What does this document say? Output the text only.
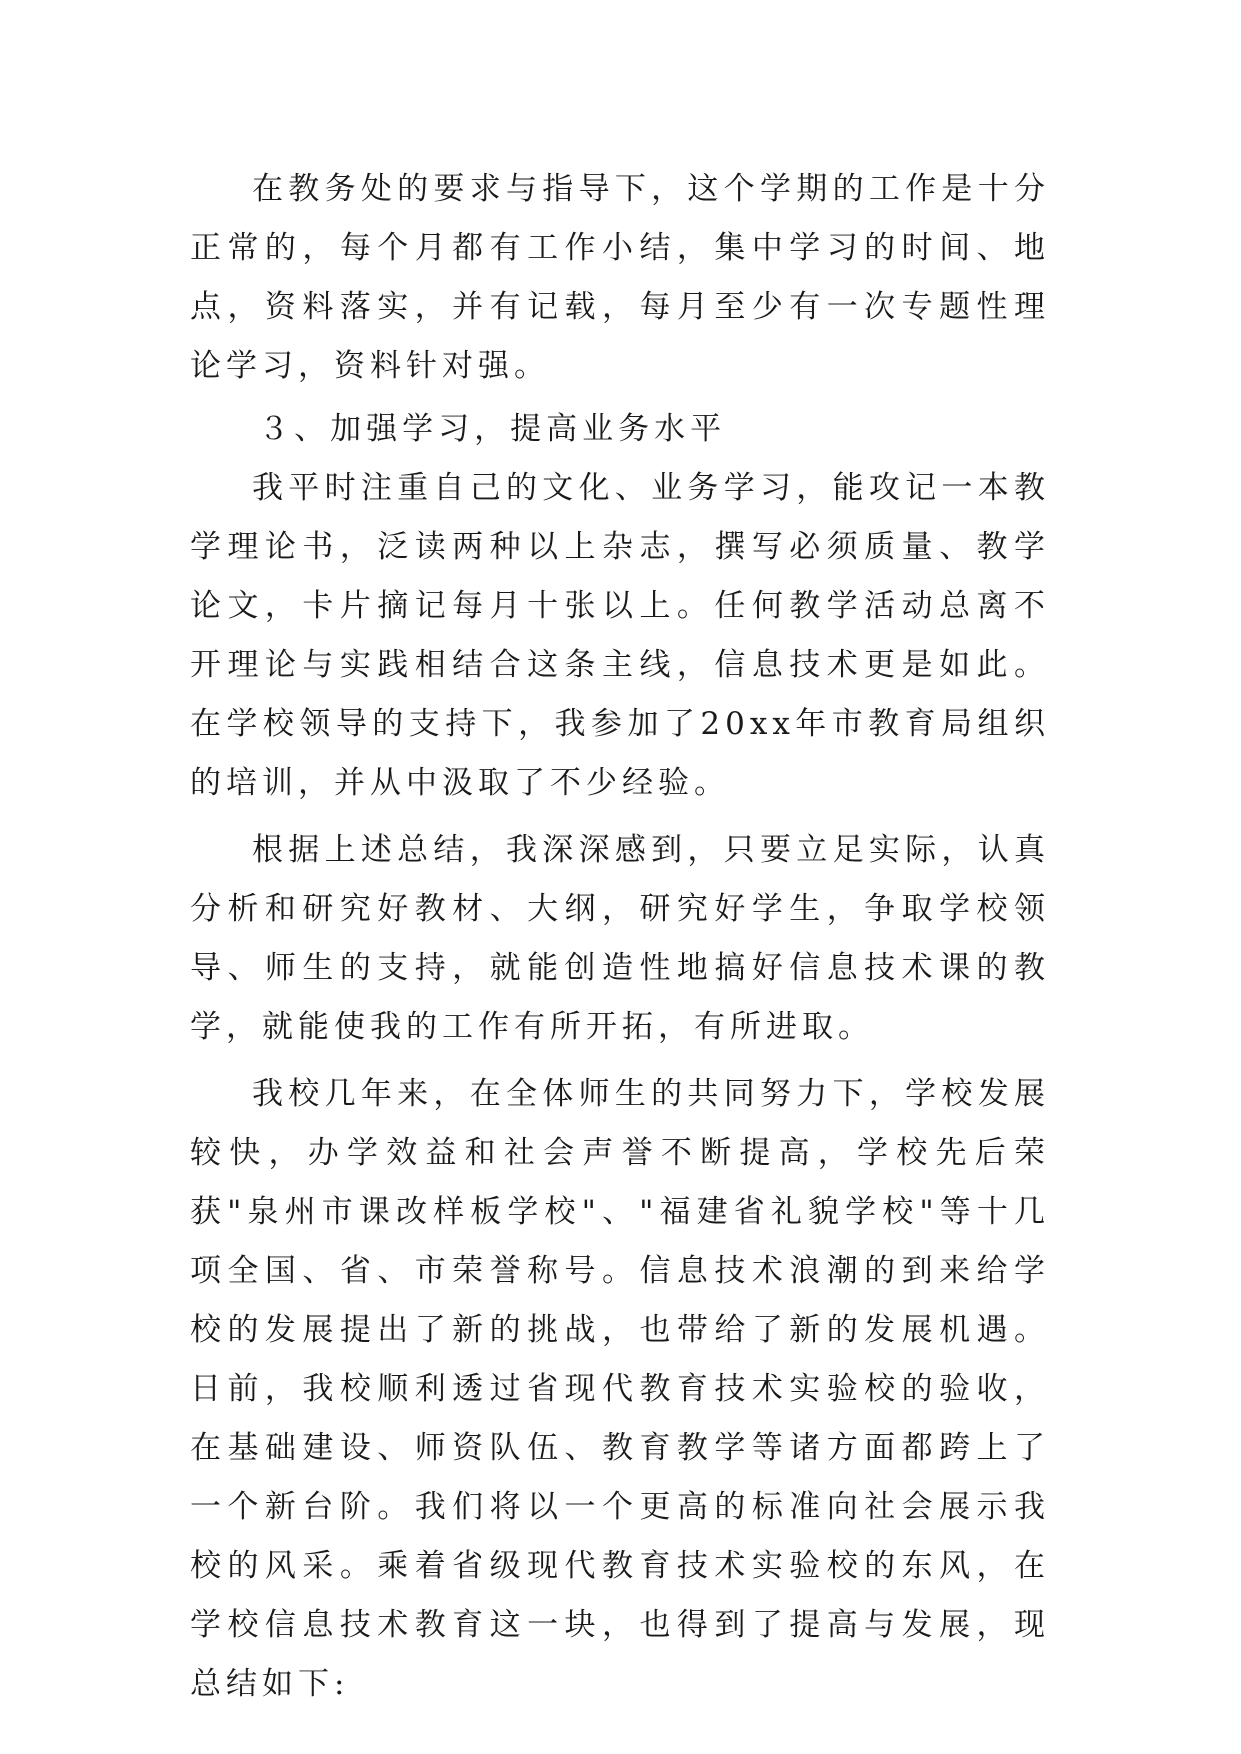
在教务处的要求与指导下，这个学期的工作是十分正常的，每个月都有工作小结，集中学习的时间、地点，资料落实，并有记载，每月至少有一次专题性理论学习，资料针对强。

３、加强学习，提高业务水平

我平时注重自己的文化、业务学习，能攻记一本教学理论书，泛读两种以上杂志，撰写必须质量、教学论文，卡片摘记每月十张以上。任何教学活动总离不开理论与实践相结合这条主线，信息技术更是如此。在学校领导的支持下，我参加了20xx年市教育局组织的培训，并从中汲取了不少经验。

根据上述总结，我深深感到，只要立足实际，认真分析和研究好教材、大纲，研究好学生，争取学校领导、师生的支持，就能创造性地搞好信息技术课的教学，就能使我的工作有所开拓，有所进取。

我校几年来，在全体师生的共同努力下，学校发展较快，办学效益和社会声誉不断提高，学校先后荣获"泉州市课改样板学校"、"福建省礼貌学校"等十几项全国、省、市荣誉称号。信息技术浪潮的到来给学校的发展提出了新的挑战，也带给了新的发展机遇。日前，我校顺利透过省现代教育技术实验校的验收，在基础建设、师资队伍、教育教学等诸方面都跨上了一个新台阶。我们将以一个更高的标准向社会展示我校的风采。乘着省级现代教育技术实验校的东风，在学校信息技术教育这一块，也得到了提高与发展，现总结如下:
